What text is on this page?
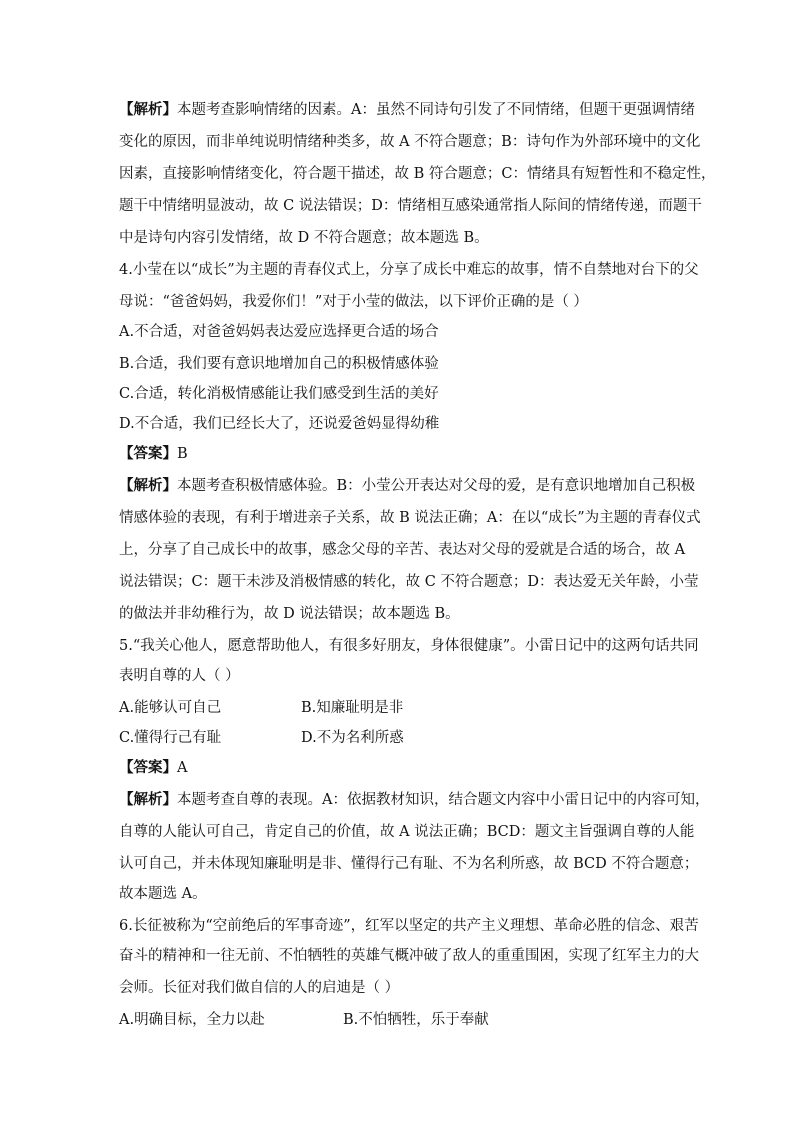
【解析】本题考查影响情绪的因素。A：虽然不同诗句引发了不同情绪，但题干更强调情绪
变化的原因，而非单纯说明情绪种类多，故 A 不符合题意；B：诗句作为外部环境中的文化
因素，直接影响情绪变化，符合题干描述，故 B 符合题意；C：情绪具有短暂性和不稳定性，
题干中情绪明显波动，故 C 说法错误；D：情绪相互感染通常指人际间的情绪传递，而题干
中是诗句内容引发情绪，故 D 不符合题意；故本题选 B。
4.小莹在以“成长”为主题的青春仪式上，分享了成长中难忘的故事，情不自禁地对台下的父
母说：“爸爸妈妈，我爱你们！”对于小莹的做法，以下评价正确的是（ ）
A.不合适，对爸爸妈妈表达爱应选择更合适的场合
B.合适，我们要有意识地增加自己的积极情感体验
C.合适，转化消极情感能让我们感受到生活的美好
D.不合适，我们已经长大了，还说爱爸妈显得幼稚
【答案】B
【解析】本题考查积极情感体验。B：小莹公开表达对父母的爱，是有意识地增加自己积极
情感体验的表现，有利于增进亲子关系，故 B 说法正确；A：在以“成长”为主题的青春仪式
上，分享了自己成长中的故事，感念父母的辛苦、表达对父母的爱就是合适的场合，故 A
说法错误；C：题干未涉及消极情感的转化，故 C 不符合题意；D：表达爱无关年龄，小莹
的做法并非幼稚行为，故 D 说法错误；故本题选 B。
5.“我关心他人，愿意帮助他人，有很多好朋友，身体很健康”。小雷日记中的这两句话共同
表明自尊的人（ ）
A.能够认可自己
C.懂得行己有耻
【答案】A
【解析】本题考查自尊的表现。A：依据教材知识，结合题文内容中小雷日记中的内容可知，
自尊的人能认可自己，肯定自己的价值，故 A 说法正确；BCD：题文主旨强调自尊的人能
认可自己，并未体现知廉耻明是非、懂得行己有耻、不为名利所惑，故 BCD 不符合题意；
故本题选 A。
6.长征被称为“空前绝后的军事奇迹”，红军以坚定的共产主义理想、革命必胜的信念、艰苦
奋斗的精神和一往无前、不怕牺牲的英雄气概冲破了敌人的重重围困，实现了红军主力的大
会师。长征对我们做自信的人的启迪是（ ）
A.明确目标，全力以赴
B.知廉耻明是非
D.不为名利所惑
B.不怕牺牲，乐于奉献
